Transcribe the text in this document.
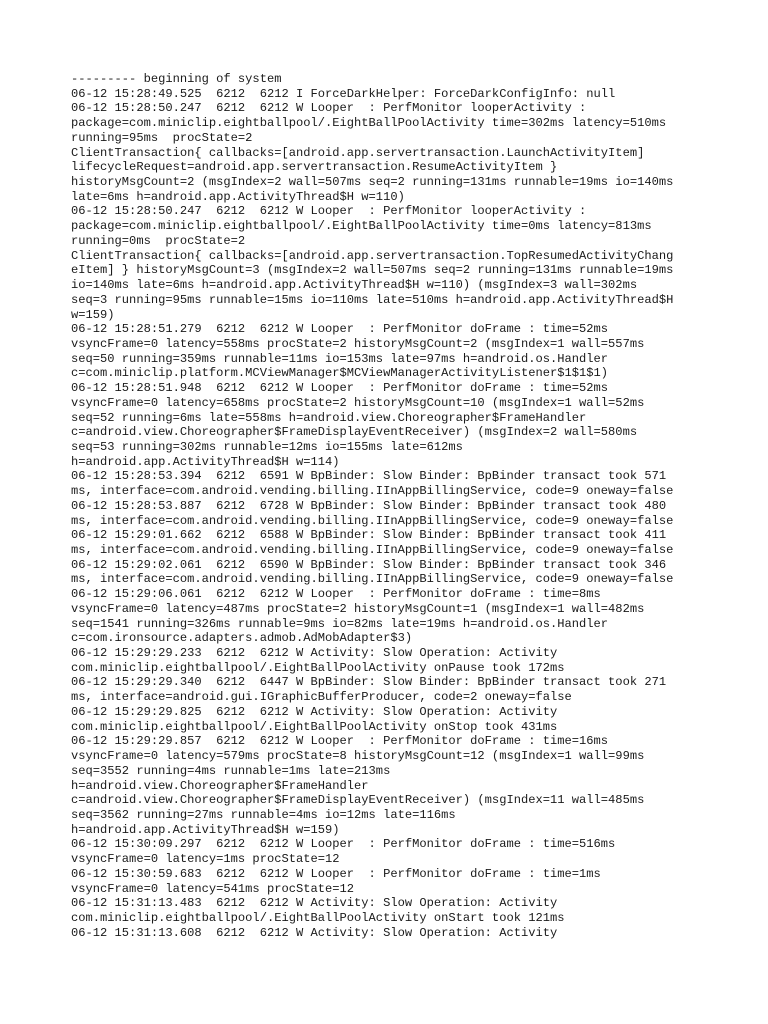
--------- beginning of system
06-12 15:28:49.525  6212  6212 I ForceDarkHelper: ForceDarkConfigInfo: null
06-12 15:28:50.247  6212  6212 W Looper  : PerfMonitor looperActivity :
package=com.miniclip.eightballpool/.EightBallPoolActivity time=302ms latency=510ms
running=95ms  procState=2
ClientTransaction{ callbacks=[android.app.servertransaction.LaunchActivityItem]
lifecycleRequest=android.app.servertransaction.ResumeActivityItem }
historyMsgCount=2 (msgIndex=2 wall=507ms seq=2 running=131ms runnable=19ms io=140ms
late=6ms h=android.app.ActivityThread$H w=110)
06-12 15:28:50.247  6212  6212 W Looper  : PerfMonitor looperActivity :
package=com.miniclip.eightballpool/.EightBallPoolActivity time=0ms latency=813ms
running=0ms  procState=2
ClientTransaction{ callbacks=[android.app.servertransaction.TopResumedActivityChang
eItem] } historyMsgCount=3 (msgIndex=2 wall=507ms seq=2 running=131ms runnable=19ms
io=140ms late=6ms h=android.app.ActivityThread$H w=110) (msgIndex=3 wall=302ms
seq=3 running=95ms runnable=15ms io=110ms late=510ms h=android.app.ActivityThread$H
w=159)
06-12 15:28:51.279  6212  6212 W Looper  : PerfMonitor doFrame : time=52ms
vsyncFrame=0 latency=558ms procState=2 historyMsgCount=2 (msgIndex=1 wall=557ms
seq=50 running=359ms runnable=11ms io=153ms late=97ms h=android.os.Handler
c=com.miniclip.platform.MCViewManager$MCViewManagerActivityListener$1$1$1)
06-12 15:28:51.948  6212  6212 W Looper  : PerfMonitor doFrame : time=52ms
vsyncFrame=0 latency=658ms procState=2 historyMsgCount=10 (msgIndex=1 wall=52ms
seq=52 running=6ms late=558ms h=android.view.Choreographer$FrameHandler
c=android.view.Choreographer$FrameDisplayEventReceiver) (msgIndex=2 wall=580ms
seq=53 running=302ms runnable=12ms io=155ms late=612ms
h=android.app.ActivityThread$H w=114)
06-12 15:28:53.394  6212  6591 W BpBinder: Slow Binder: BpBinder transact took 571
ms, interface=com.android.vending.billing.IInAppBillingService, code=9 oneway=false
06-12 15:28:53.887  6212  6728 W BpBinder: Slow Binder: BpBinder transact took 480
ms, interface=com.android.vending.billing.IInAppBillingService, code=9 oneway=false
06-12 15:29:01.662  6212  6588 W BpBinder: Slow Binder: BpBinder transact took 411
ms, interface=com.android.vending.billing.IInAppBillingService, code=9 oneway=false
06-12 15:29:02.061  6212  6590 W BpBinder: Slow Binder: BpBinder transact took 346
ms, interface=com.android.vending.billing.IInAppBillingService, code=9 oneway=false
06-12 15:29:06.061  6212  6212 W Looper  : PerfMonitor doFrame : time=8ms
vsyncFrame=0 latency=487ms procState=2 historyMsgCount=1 (msgIndex=1 wall=482ms
seq=1541 running=326ms runnable=9ms io=82ms late=19ms h=android.os.Handler
c=com.ironsource.adapters.admob.AdMobAdapter$3)
06-12 15:29:29.233  6212  6212 W Activity: Slow Operation: Activity
com.miniclip.eightballpool/.EightBallPoolActivity onPause took 172ms
06-12 15:29:29.340  6212  6447 W BpBinder: Slow Binder: BpBinder transact took 271
ms, interface=android.gui.IGraphicBufferProducer, code=2 oneway=false
06-12 15:29:29.825  6212  6212 W Activity: Slow Operation: Activity
com.miniclip.eightballpool/.EightBallPoolActivity onStop took 431ms
06-12 15:29:29.857  6212  6212 W Looper  : PerfMonitor doFrame : time=16ms
vsyncFrame=0 latency=579ms procState=8 historyMsgCount=12 (msgIndex=1 wall=99ms
seq=3552 running=4ms runnable=1ms late=213ms
h=android.view.Choreographer$FrameHandler
c=android.view.Choreographer$FrameDisplayEventReceiver) (msgIndex=11 wall=485ms
seq=3562 running=27ms runnable=4ms io=12ms late=116ms
h=android.app.ActivityThread$H w=159)
06-12 15:30:09.297  6212  6212 W Looper  : PerfMonitor doFrame : time=516ms
vsyncFrame=0 latency=1ms procState=12
06-12 15:30:59.683  6212  6212 W Looper  : PerfMonitor doFrame : time=1ms
vsyncFrame=0 latency=541ms procState=12
06-12 15:31:13.483  6212  6212 W Activity: Slow Operation: Activity
com.miniclip.eightballpool/.EightBallPoolActivity onStart took 121ms
06-12 15:31:13.608  6212  6212 W Activity: Slow Operation: Activity
